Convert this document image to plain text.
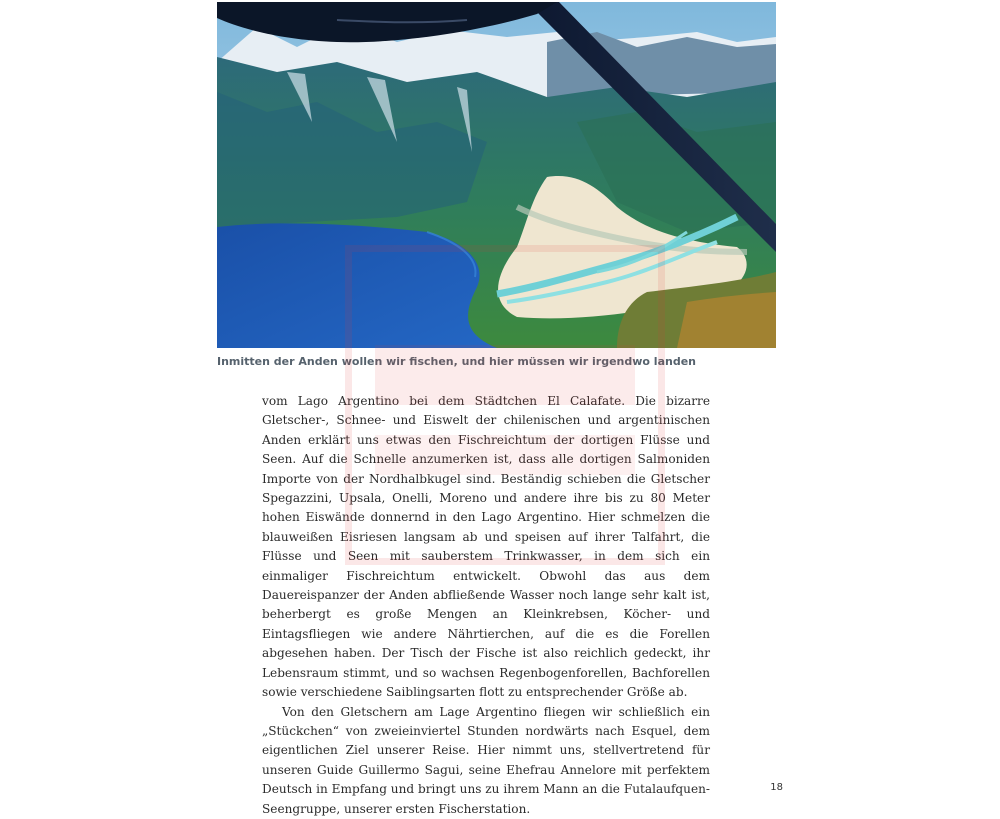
Inmitten der Anden wollen wir fischen, und hier müssen wir irgendwo landen

vom Lago Argentino bei dem Städtchen El Calafate. Die bizarre Gletscher-, Schnee- und Eiswelt der chilenischen und argentinischen Anden erklärt uns etwas den Fischreichtum der dortigen Flüsse und Seen. Auf die Schnelle anzumerken ist, dass alle dortigen Salmoniden Importe von der Nordhalbkugel sind. Beständig schieben die Gletscher Spegazzini, Upsala, Onelli, Moreno und andere ihre bis zu 80 Meter hohen Eiswände donnernd in den Lago Argentino. Hier schmelzen die blauweißen Eisriesen langsam ab und speisen auf ihrer Talfahrt, die Flüsse und Seen mit sauberstem Trinkwasser, in dem sich ein einmaliger Fischreichtum entwickelt. Obwohl das aus dem Dauereispanzer der Anden abfließende Wasser noch lange sehr kalt ist, beherbergt es große Mengen an Kleinkrebsen, Köcher- und Eintagsfliegen wie andere Nährtierchen, auf die es die Forellen abgesehen haben. Der Tisch der Fische ist also reichlich gedeckt, ihr Lebensraum stimmt, und so wachsen Regenbogenforellen, Bachforellen sowie verschiedene Saiblingsarten flott zu entsprechender Größe ab.

Von den Gletschern am Lage Argentino fliegen wir schließlich ein „Stückchen“ von zweieinviertel Stunden nordwärts nach Esquel, dem eigentlichen Ziel unserer Reise. Hier nimmt uns, stellvertretend für unseren Guide Guillermo Sagui, seine Ehefrau Annelore mit perfektem Deutsch in Empfang und bringt uns zu ihrem Mann an die Futalaufquen-Seengruppe, unserer ersten Fischerstation.

18
